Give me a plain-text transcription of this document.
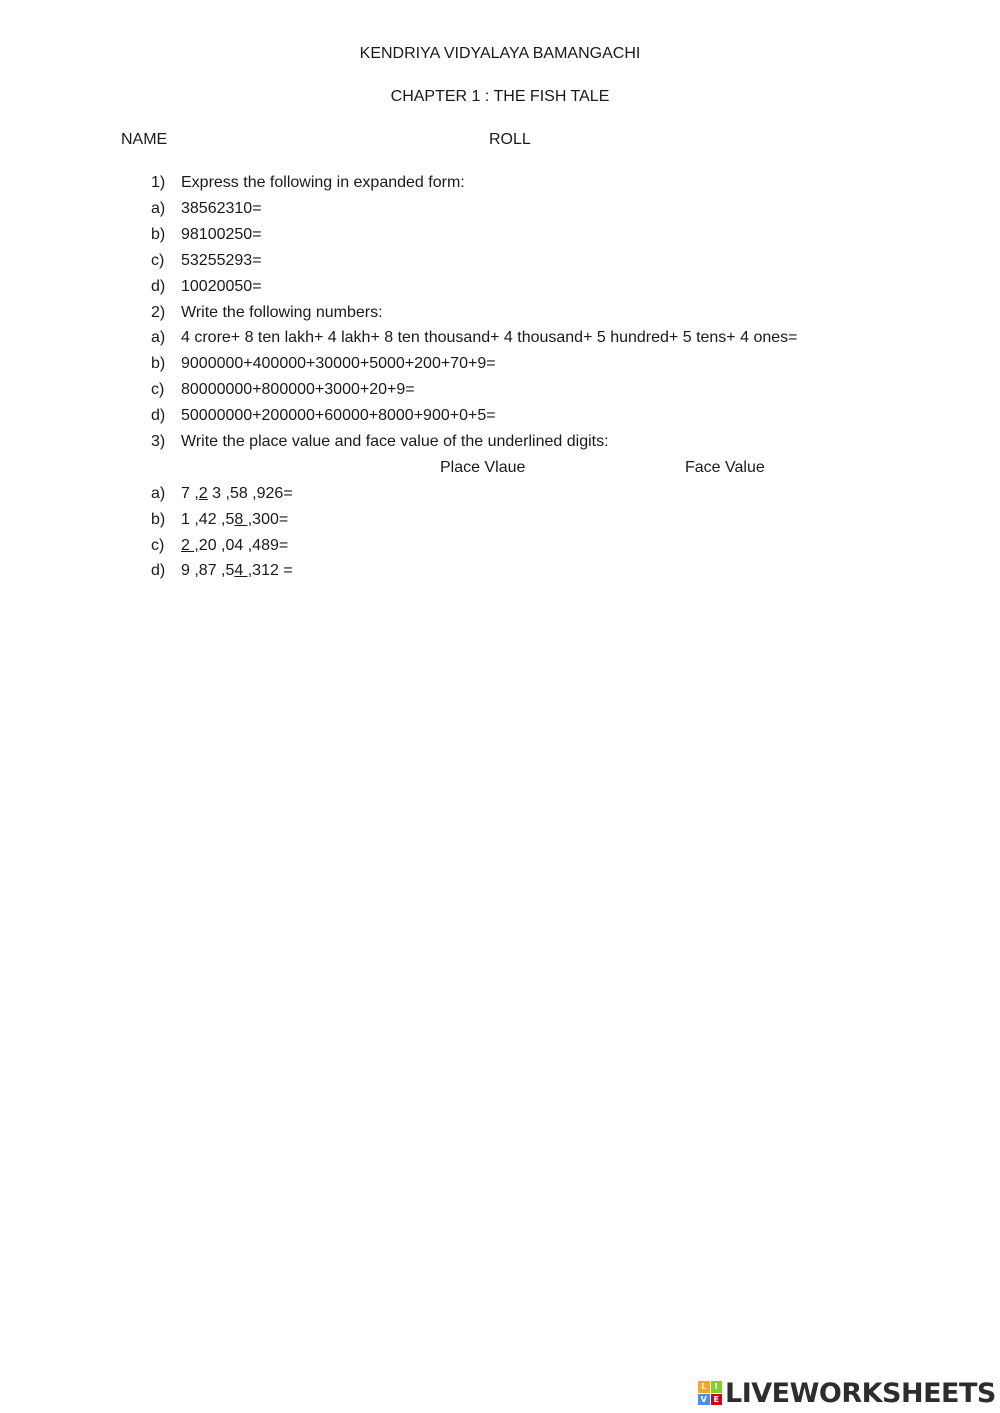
KENDRIYA VIDYALAYA BAMANGACHI
CHAPTER 1 : THE FISH TALE
NAME	ROLL
1) Express the following in expanded form:
a) 38562310=
b) 98100250=
c) 53255293=
d) 10020050=
2) Write the following numbers:
a) 4 crore+ 8 ten lakh+ 4 lakh+ 8 ten thousand+ 4 thousand+ 5 hundred+ 5 tens+ 4 ones=
b) 9000000+400000+30000+5000+200+70+9=
c) 80000000+800000+3000+20+9=
d) 50000000+200000+60000+8000+900+0+5=
3) Write the place value and face value of the underlined digits:
Place Vlaue	Face Value
a) 7 ,2 3 ,58 ,926=
b) 1 ,42 ,58 ,300=
c) 2 ,20 ,04 ,489=
d) 9 ,87 ,54 ,312 =
L	I
V E LIVEWORKSHEETS
